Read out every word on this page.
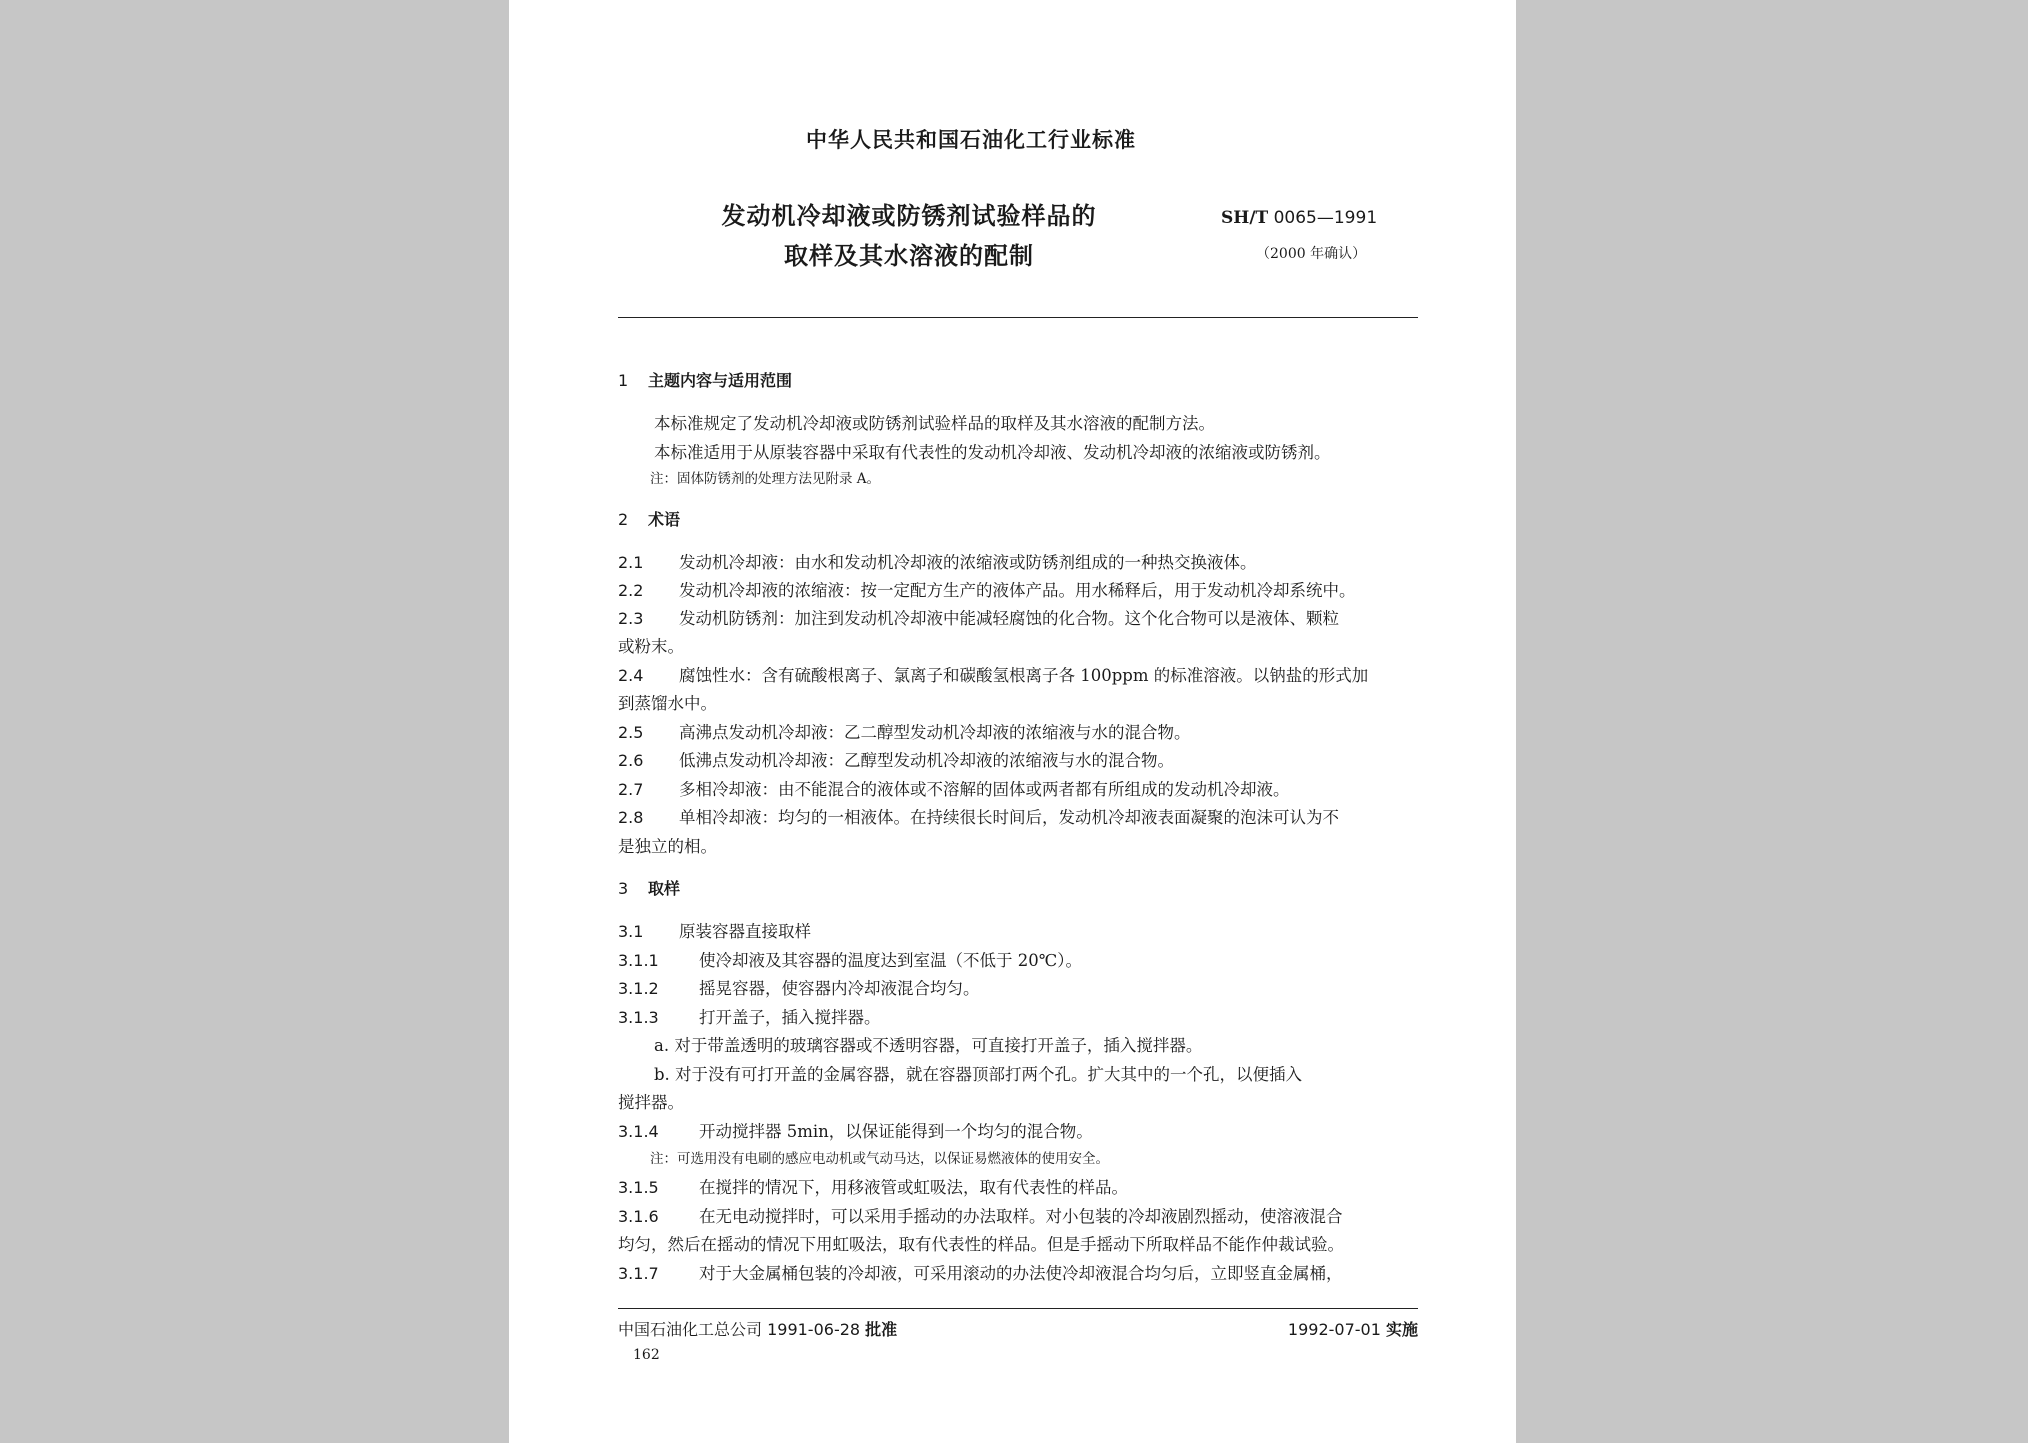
中华人民共和国石油化工行业标准
发动机冷却液或防锈剂试验样品的
取样及其水溶液的配制
SH/T 0065—1991
（2000 年确认）
1 主题内容与适用范围
本标准规定了发动机冷却液或防锈剂试验样品的取样及其水溶液的配制方法。
本标准适用于从原装容器中采取有代表性的发动机冷却液、发动机冷却液的浓缩液或防锈剂。
注：固体防锈剂的处理方法见附录 A。
2 术语
2.1 发动机冷却液：由水和发动机冷却液的浓缩液或防锈剂组成的一种热交换液体。
2.2 发动机冷却液的浓缩液：按一定配方生产的液体产品。用水稀释后，用于发动机冷却系统中。
2.3 发动机防锈剂：加注到发动机冷却液中能减轻腐蚀的化合物。这个化合物可以是液体、颗粒
或粉末。
2.4 腐蚀性水：含有硫酸根离子、氯离子和碳酸氢根离子各 100ppm 的标准溶液。以钠盐的形式加
到蒸馏水中。
2.5 高沸点发动机冷却液：乙二醇型发动机冷却液的浓缩液与水的混合物。
2.6 低沸点发动机冷却液：乙醇型发动机冷却液的浓缩液与水的混合物。
2.7 多相冷却液：由不能混合的液体或不溶解的固体或两者都有所组成的发动机冷却液。
2.8 单相冷却液：均匀的一相液体。在持续很长时间后，发动机冷却液表面凝聚的泡沫可认为不
是独立的相。
3 取样
3.1 原装容器直接取样
3.1.1 使冷却液及其容器的温度达到室温（不低于 20℃）。
3.1.2 摇晃容器，使容器内冷却液混合均匀。
3.1.3 打开盖子，插入搅拌器。
a. 对于带盖透明的玻璃容器或不透明容器，可直接打开盖子，插入搅拌器。
b. 对于没有可打开盖的金属容器，就在容器顶部打两个孔。扩大其中的一个孔，以便插入
搅拌器。
3.1.4 开动搅拌器 5min，以保证能得到一个均匀的混合物。
注：可选用没有电刷的感应电动机或气动马达，以保证易燃液体的使用安全。
3.1.5 在搅拌的情况下，用移液管或虹吸法，取有代表性的样品。
3.1.6 在无电动搅拌时，可以采用手摇动的办法取样。对小包装的冷却液剧烈摇动，使溶液混合
均匀，然后在摇动的情况下用虹吸法，取有代表性的样品。但是手摇动下所取样品不能作仲裁试验。
3.1.7 对于大金属桶包装的冷却液，可采用滚动的办法使冷却液混合均匀后，立即竖直金属桶，
中国石油化工总公司 1991-06-28 批准	1992-07-01 实施
162
